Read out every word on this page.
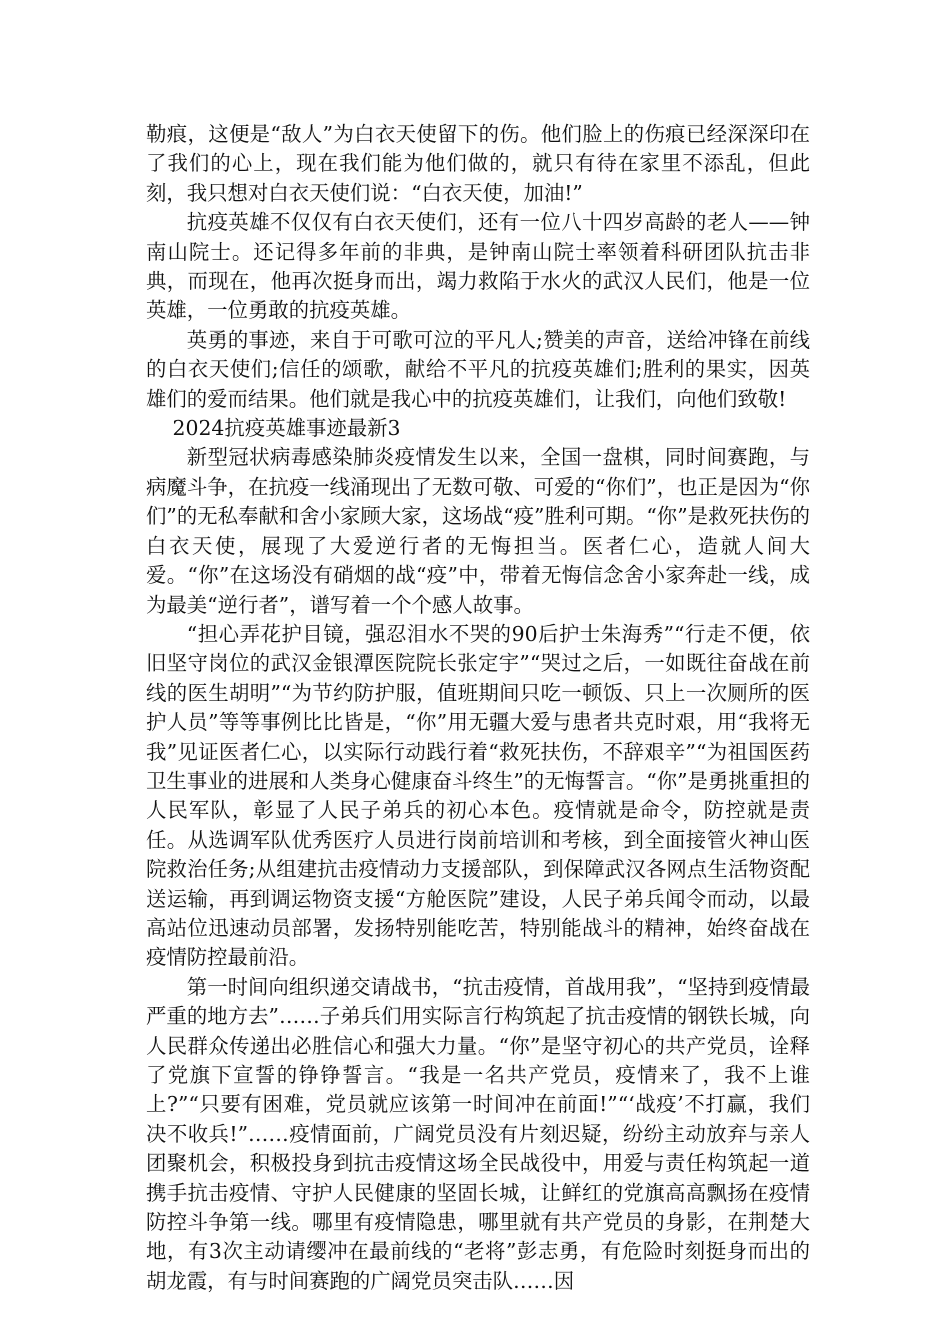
勒痕，这便是“敌人”为白衣天使留下的伤。他们脸上的伤痕已经深深印在了我们的心上，现在我们能为他们做的，就只有待在家里不添乱，但此刻，我只想对白衣天使们说：“白衣天使，加油!”

抗疫英雄不仅仅有白衣天使们，还有一位八十四岁高龄的老人——钟南山院士。还记得多年前的非典，是钟南山院士率领着科研团队抗击非典，而现在，他再次挺身而出，竭力救陷于水火的武汉人民们，他是一位英雄，一位勇敢的抗疫英雄。

英勇的事迹，来自于可歌可泣的平凡人;赞美的声音，送给冲锋在前线的白衣天使们;信任的颂歌，献给不平凡的抗疫英雄们;胜利的果实，因英雄们的爱而结果。他们就是我心中的抗疫英雄们，让我们，向他们致敬!

2024抗疫英雄事迹最新3

新型冠状病毒感染肺炎疫情发生以来，全国一盘棋，同时间赛跑，与病魔斗争，在抗疫一线涌现出了无数可敬、可爱的“你们”，也正是因为“你们”的无私奉献和舍小家顾大家，这场战“疫”胜利可期。“你”是救死扶伤的白衣天使，展现了大爱逆行者的无悔担当。医者仁心，造就人间大爱。“你”在这场没有硝烟的战“疫”中，带着无悔信念舍小家奔赴一线，成为最美“逆行者”，谱写着一个个感人故事。

“担心弄花护目镜，强忍泪水不哭的90后护士朱海秀”“行走不便，依旧坚守岗位的武汉金银潭医院院长张定宇”“哭过之后，一如既往奋战在前线的医生胡明”“为节约防护服，值班期间只吃一顿饭、只上一次厕所的医护人员”等等事例比比皆是，“你”用无疆大爱与患者共克时艰，用“我将无我”见证医者仁心，以实际行动践行着“救死扶伤，不辞艰辛”“为祖国医药卫生事业的进展和人类身心健康奋斗终生”的无悔誓言。“你”是勇挑重担的人民军队，彰显了人民子弟兵的初心本色。疫情就是命令，防控就是责任。从选调军队优秀医疗人员进行岗前培训和考核，到全面接管火神山医院救治任务;从组建抗击疫情动力支援部队，到保障武汉各网点生活物资配送运输，再到调运物资支援“方舱医院”建设，人民子弟兵闻令而动，以最高站位迅速动员部署，发扬特别能吃苦，特别能战斗的精神，始终奋战在疫情防控最前沿。

第一时间向组织递交请战书，“抗击疫情，首战用我”，“坚持到疫情最严重的地方去”……子弟兵们用实际言行构筑起了抗击疫情的钢铁长城，向人民群众传递出必胜信心和强大力量。“你”是坚守初心的共产党员，诠释了党旗下宣誓的铮铮誓言。“我是一名共产党员，疫情来了，我不上谁上?”“只要有困难，党员就应该第一时间冲在前面!”“‘战疫’不打赢，我们决不收兵!”……疫情面前，广阔党员没有片刻迟疑，纷纷主动放弃与亲人团聚机会，积极投身到抗击疫情这场全民战役中，用爱与责任构筑起一道携手抗击疫情、守护人民健康的坚固长城，让鲜红的党旗高高飘扬在疫情防控斗争第一线。哪里有疫情隐患，哪里就有共产党员的身影，在荆楚大地，有3次主动请缨冲在最前线的“老将”彭志勇，有危险时刻挺身而出的胡龙霞，有与时间赛跑的广阔党员突击队……因
